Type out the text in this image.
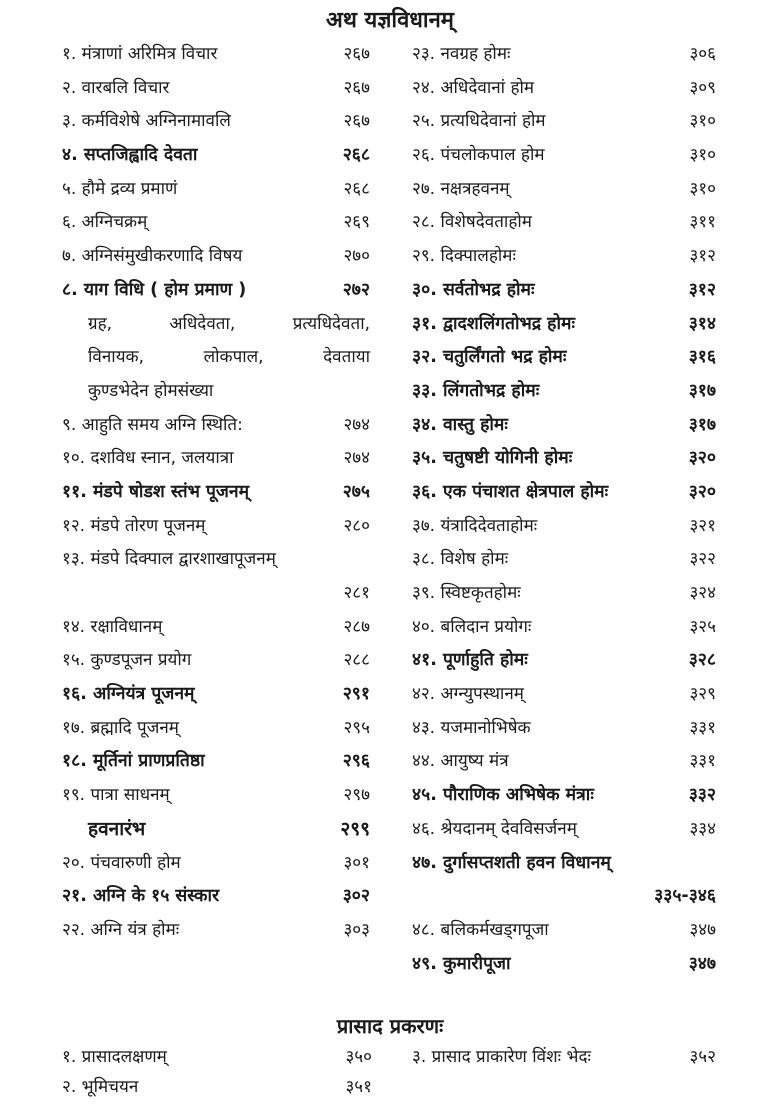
अथ यज्ञविधानम्
१. मंत्राणां अरिमित्र विचार	२६७
२. वारबलि विचार	२६७
३. कर्मविशेषे अग्निनामावलि	२६७
४. सप्तजिह्वादि देवता	२६८
५. हौमे द्रव्य प्रमाणं	२६८
६. अग्निचक्रम्	२६९
७. अग्निसंमुखीकरणादि विषय	२७०
८. याग विधि ( होम प्रमाण )	२७२
ग्रह,	अधिदेवता,	प्रत्यधिदेवता,
विनायक,	लोकपाल,	देवताया
कुण्डभेदेन होमसंख्या
९. आहुति समय अग्नि स्थिति:	२७४
१०. दशविध स्नान, जलयात्रा	२७४
११. मंडपे षोडश स्तंभ पूजनम्	२७५
१२. मंडपे तोरण पूजनम्	२८०
१३. मंडपे दिक्पाल द्वारशाखापूजनम्
२८१
१४. रक्षाविधानम्	२८७
१५. कुण्डपूजन प्रयोग	२८८
१६. अग्नियंत्र पूजनम्	२९१
१७. ब्रह्मादि पूजनम्	२९५
१८. मूर्तिनां प्राणप्रतिष्ठा	२९६
१९. पात्रा साधनम्	२९७
हवनारंभ	२९९
२०. पंचवारुणी होम	३०१
२१. अग्नि के १५ संस्कार	३०२
२२. अग्नि यंत्र होमः	३०३
२३. नवग्रह होमः	३०६
२४. अधिदेवानां होम	३०९
२५. प्रत्यधिदेवानां होम	३१०
२६. पंचलोकपाल होम	३१०
२७. नक्षत्रहवनम्	३१०
२८. विशेषदेवताहोम	३११
२९. दिक्पालहोमः	३१२
३०. सर्वतोभद्र होमः	३१२
३१. द्वादशलिंगतोभद्र होमः	३१४
३२. चतुर्लिंगतो भद्र होमः	३१६
३३. लिंगतोभद्र होमः	३१७
३४. वास्तु होमः	३१७
३५. चतुषष्टी योगिनी होमः	३२०
३६. एक पंचाशत क्षेत्रपाल होमः	३२०
३७. यंत्रादिदेवताहोमः	३२१
३८. विशेष होमः	३२२
३९. स्विष्टकृतहोमः	३२४
४०. बलिदान प्रयोगः	३२५
४१. पूर्णाहुति होमः	३२८
४२. अग्न्युपस्थानम्	३२९
४३. यजमानोभिषेक	३३१
४४. आयुष्य मंत्र	३३१
४५. पौराणिक अभिषेक मंत्राः	३३२
४६. श्रेयदानम् देवविसर्जनम्	३३४
४७. दुर्गासप्तशती हवन विधानम्
३३५-३४६
४८. बलिकर्मखड्गपूजा	३४७
४९. कुमारीपूजा	३४७
प्रासाद प्रकरणः
१. प्रासादलक्षणम्	३५०
२. भूमिचयन	३५१
३. प्रासाद प्राकारेण विंशः भेदः	३५२
